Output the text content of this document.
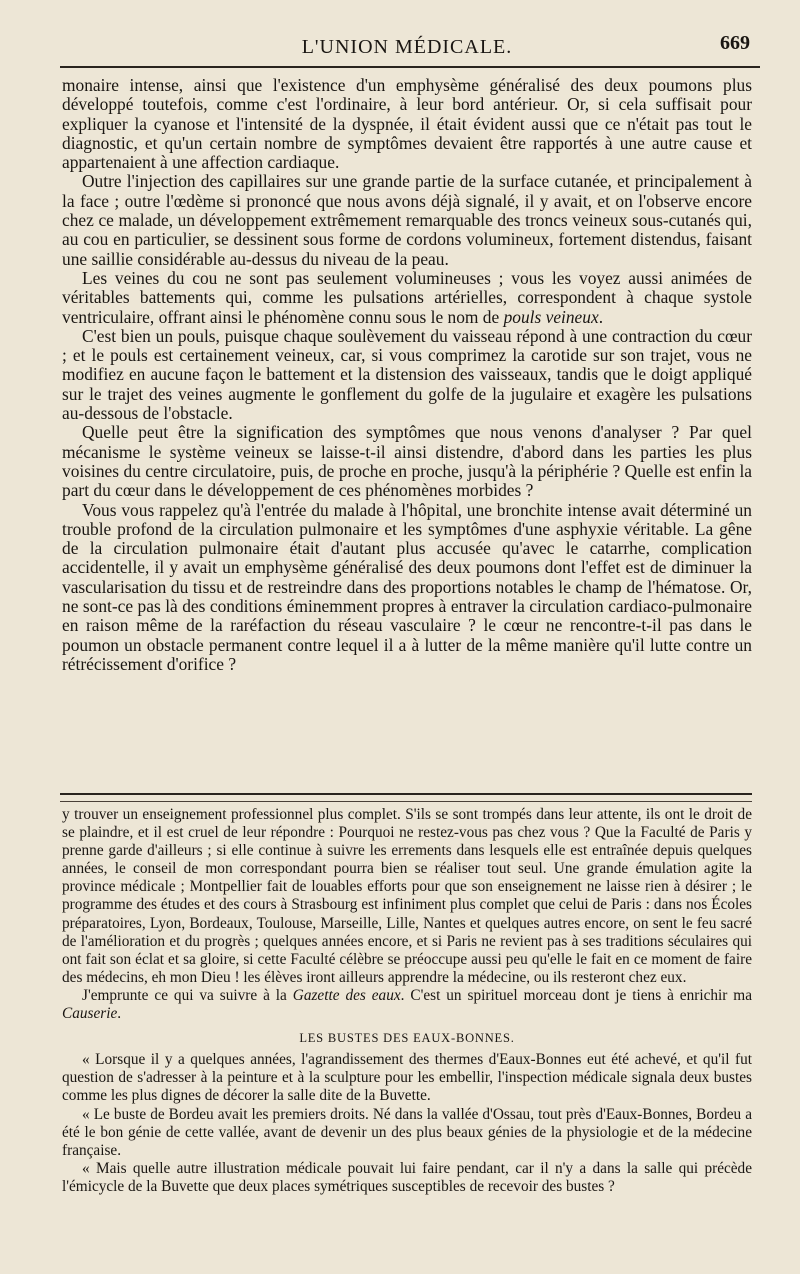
L'UNION MÉDICALE.	669

monaire intense, ainsi que l'existence d'un emphysème généralisé des deux poumons plus développé toutefois, comme c'est l'ordinaire, à leur bord antérieur. Or, si cela suffisait pour expliquer la cyanose et l'intensité de la dyspnée, il était évident aussi que ce n'était pas tout le diagnostic, et qu'un certain nombre de symptômes devaient être rapportés à une autre cause et appartenaient à une affection cardiaque.

Outre l'injection des capillaires sur une grande partie de la surface cutanée, et principalement à la face ; outre l'œdème si prononcé que nous avons déjà signalé, il y avait, et on l'observe encore chez ce malade, un développement extrêmement remarquable des troncs veineux sous-cutanés qui, au cou en particulier, se dessinent sous forme de cordons volumineux, fortement distendus, faisant une saillie considérable au-dessus du niveau de la peau.

Les veines du cou ne sont pas seulement volumineuses ; vous les voyez aussi animées de véritables battements qui, comme les pulsations artérielles, correspondent à chaque systole ventriculaire, offrant ainsi le phénomène connu sous le nom de pouls veineux.

C'est bien un pouls, puisque chaque soulèvement du vaisseau répond à une contraction du cœur ; et le pouls est certainement veineux, car, si vous comprimez la carotide sur son trajet, vous ne modifiez en aucune façon le battement et la distension des vaisseaux, tandis que le doigt appliqué sur le trajet des veines augmente le gonflement du golfe de la jugulaire et exagère les pulsations au-dessous de l'obstacle.

Quelle peut être la signification des symptômes que nous venons d'analyser ? Par quel mécanisme le système veineux se laisse-t-il ainsi distendre, d'abord dans les parties les plus voisines du centre circulatoire, puis, de proche en proche, jusqu'à la périphérie ? Quelle est enfin la part du cœur dans le développement de ces phénomènes morbides ?

Vous vous rappelez qu'à l'entrée du malade à l'hôpital, une bronchite intense avait déterminé un trouble profond de la circulation pulmonaire et les symptômes d'une asphyxie véritable. La gêne de la circulation pulmonaire était d'autant plus accusée qu'avec le catarrhe, complication accidentelle, il y avait un emphysème généralisé des deux poumons dont l'effet est de diminuer la vascularisation du tissu et de restreindre dans des proportions notables le champ de l'hématose. Or, ne sont-ce pas là des conditions éminemment propres à entraver la circulation cardiaco-pulmonaire en raison même de la raréfaction du réseau vasculaire ? le cœur ne rencontre-t-il pas dans le poumon un obstacle permanent contre lequel il a à lutter de la même manière qu'il lutte contre un rétrécissement d'orifice ?

y trouver un enseignement professionnel plus complet. S'ils se sont trompés dans leur attente, ils ont le droit de se plaindre, et il est cruel de leur répondre : Pourquoi ne restez-vous pas chez vous ? Que la Faculté de Paris y prenne garde d'ailleurs ; si elle continue à suivre les errements dans lesquels elle est entraînée depuis quelques années, le conseil de mon correspondant pourra bien se réaliser tout seul. Une grande émulation agite la province médicale ; Montpellier fait de louables efforts pour que son enseignement ne laisse rien à désirer ; le programme des études et des cours à Strasbourg est infiniment plus complet que celui de Paris : dans nos Écoles préparatoires, Lyon, Bordeaux, Toulouse, Marseille, Lille, Nantes et quelques autres encore, on sent le feu sacré de l'amélioration et du progrès ; quelques années encore, et si Paris ne revient pas à ses traditions séculaires qui ont fait son éclat et sa gloire, si cette Faculté célèbre se préoccupe aussi peu qu'elle le fait en ce moment de faire des médecins, eh mon Dieu ! les élèves iront ailleurs apprendre la médecine, ou ils resteront chez eux.

J'emprunte ce qui va suivre à la Gazette des eaux. C'est un spirituel morceau dont je tiens à enrichir ma Causerie.

LES BUSTES DES EAUX-BONNES.

« Lorsque il y a quelques années, l'agrandissement des thermes d'Eaux-Bonnes eut été achevé, et qu'il fut question de s'adresser à la peinture et à la sculpture pour les embellir, l'inspection médicale signala deux bustes comme les plus dignes de décorer la salle dite de la Buvette.

« Le buste de Bordeu avait les premiers droits. Né dans la vallée d'Ossau, tout près d'Eaux-Bonnes, Bordeu a été le bon génie de cette vallée, avant de devenir un des plus beaux génies de la physiologie et de la médecine française.

« Mais quelle autre illustration médicale pouvait lui faire pendant, car il n'y a dans la salle qui précède l'émicycle de la Buvette que deux places symétriques susceptibles de recevoir des bustes ?
